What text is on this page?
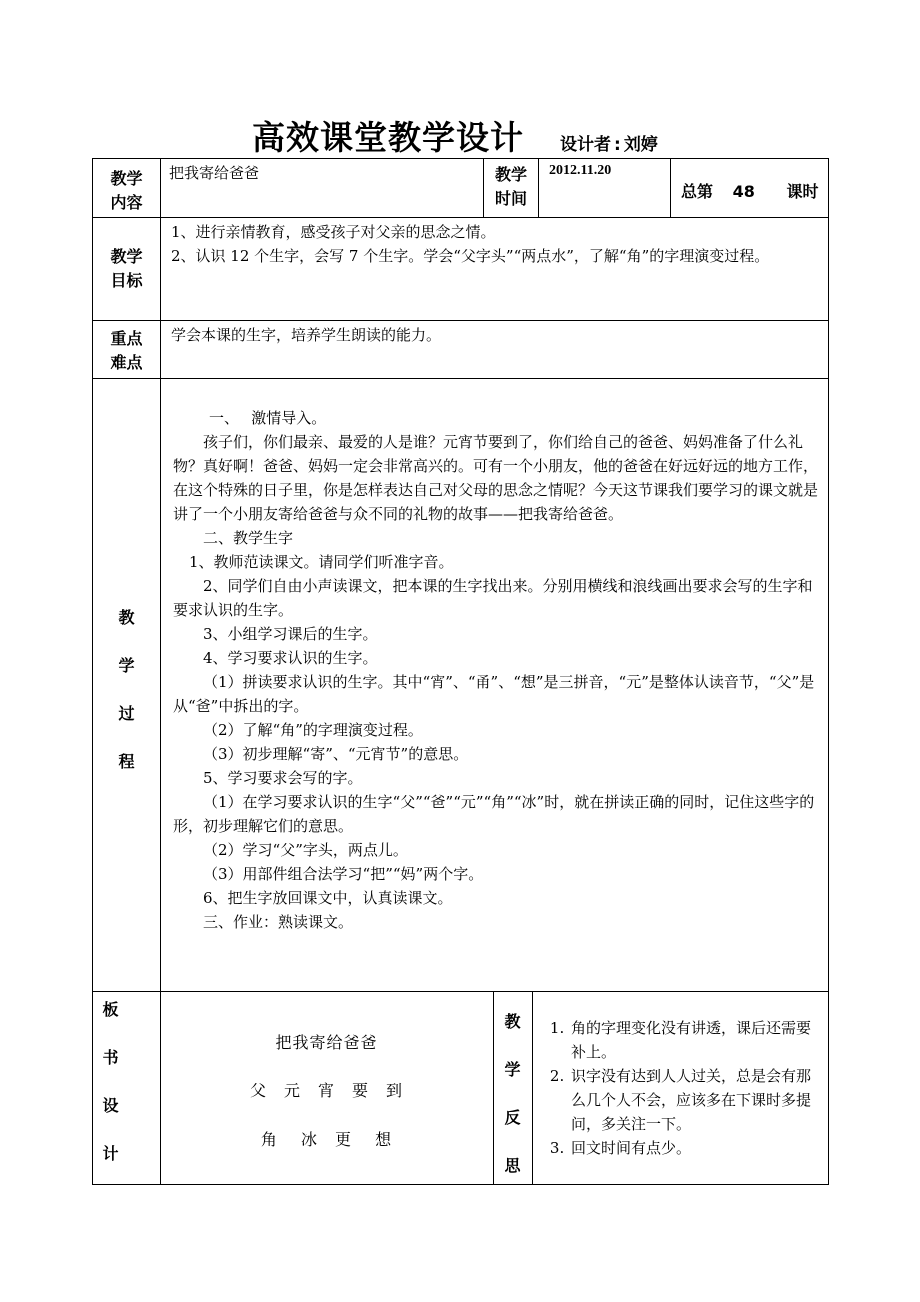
高效课堂教学设计 设计者 : 刘婷
教学内容
把我寄给爸爸	教学时间
2012.11.20
总第 48 课时
教学目标

1、进行亲情教育，感受孩子对父亲的思念之情。

2、认识 12 个生字，会写 7 个生字。学会“父字头”“两点水”，了解“角”的字理演变过程。

重点难点
学会本课的生字，培养学生朗读的能力。
教
学
过
程

一、　 激情导入。

孩子们，你们最亲、最爱的人是谁？元宵节要到了，你们给自己的爸爸、妈妈准备了什么礼物？真好啊！爸爸、妈妈一定会非常高兴的。可有一个小朋友，他的爸爸在好远好远的地方工作，在这个特殊的日子里，你是怎样表达自己对父母的思念之情呢？今天这节课我们要学习的课文就是讲了一个小朋友寄给爸爸与众不同的礼物的故事——把我寄给爸爸。

二、教学生字

1、教师范读课文。请同学们听准字音。

2、同学们自由小声读课文，把本课的生字找出来。分别用横线和浪线画出要求会写的生字和要求认识的生字。

3、小组学习课后的生字。

4、学习要求认识的生字。

（1）拼读要求认识的生字。其中“宵”、“甬”、“想”是三拼音，“元”是整体认读音节，“父”是从“爸”中拆出的字。

（2）了解“角”的字理演变过程。

（3）初步理解“寄”、“元宵节”的意思。

5、学习要求会写的字。

（1）在学习要求认识的生字“父”“爸”“元”“角”“冰”时，就在拼读正确的同时，记住这些字的形，初步理解它们的意思。

（2）学习“父”字头，两点儿。

（3）用部件组合法学习“把”“妈”两个字。

6、把生字放回课文中，认真读课文。

三、作业：熟读课文。

板
书
设
计
把我寄给爸爸
父　元　宵　要　到
角　 冰　更　 想
教
学
反
思
1. 角的字理变化没有讲透，课后还需要补上。
2. 识字没有达到人人过关，总是会有那么几个人不会，应该多在下课时多提问，多关注一下。
3. 回文时间有点少。
